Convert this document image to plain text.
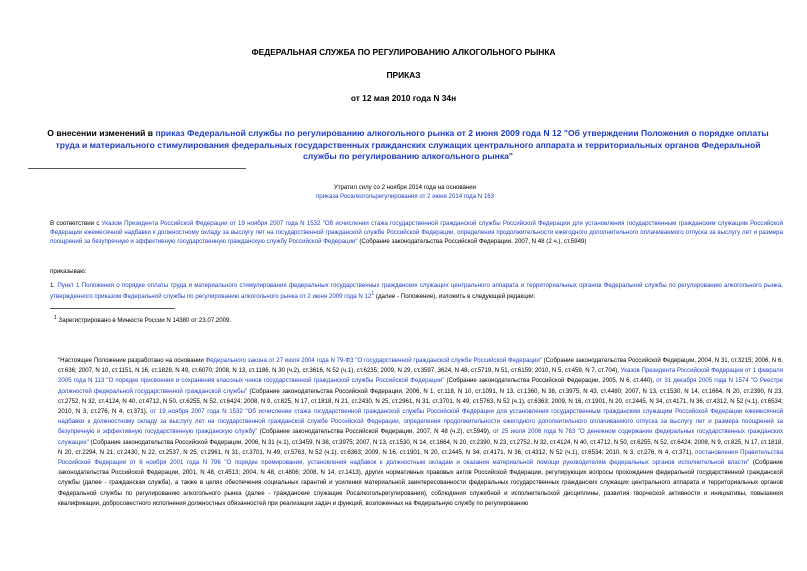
ФЕДЕРАЛЬНАЯ СЛУЖБА ПО РЕГУЛИРОВАНИЮ АЛКОГОЛЬНОГО РЫНКА
ПРИКАЗ
от 12 мая 2010 года N 34н
О внесении изменений в приказ Федеральной службы по регулированию алкогольного рынка от 2 июня 2009 года N 12 "Об утверждении Положения о порядке оплаты труда и материального стимулирования федеральных государственных гражданских служащих центрального аппарата и территориальных органов Федеральной службы по регулированию алкогольного рынка"
Утратил силу со 2 ноября 2014 года на основании
приказа Росалкогольрегулирования от 2 июня 2014 года N 163
В соответствии с Указом Президента Российской Федерации от 19 ноября 2007 года N 1532 "Об исчислении стажа государственной гражданской службы Российской Федерации для установления государственным гражданским служащим Российской Федерации ежемесячной надбавки к должностному окладу за выслугу лет на государственной гражданской службе Российской Федерации, определения продолжительности ежегодного дополнительного оплачиваемого отпуска за выслугу лет и размера поощрений за безупречную и эффективную государственную гражданскую службу Российской Федерации" (Собрание законодательства Российской Федерации, 2007, N 48 (2 ч.), ст.5949)
приказываю:
1. Пункт 1 Положения о порядке оплаты труда и материального стимулирования федеральных государственных гражданских служащих центрального аппарата и территориальных органов Федеральной службы по регулированию алкогольного рынка, утвержденного приказом Федеральной службы по регулированию алкогольного рынка от 2 июня 2009 года N $12^1$ (далее - Положение), изложить в следующей редакции:
$^1$ Зарегистрировано в Минюсте России N 14380 от 23.07.2009.
"Настоящее Положение разработано на основании Федерального закона от 27 июля 2004 года N 79-ФЗ "О государственной гражданской службе Российской Федерации" (Собрание законодательства Российской Федерации, 2004, N 31, ст.3215; 2006, N 6, ст.636; 2007, N 10, ст.1151, N 16, ст.1828, N 49, ст.6070; 2008, N 13, ст.1186, N 30 (ч.2), ст.3616, N 52 (ч.1), ст.6235; 2009, N 29, ст.3597, 3624, N 48, ст.5719, N 51, ст.6159; 2010, N 5, ст.459, N 7, ст.704), Указов Президента Российской Федерации от 1 февраля 2005 года N 113 "О порядке присвоения и сохранения классных чинов государственной гражданской службы Российской Федерации" (Собрание законодательства Российской Федерации, 2005, N 6, ст.440), от 31 декабря 2005 года N 1574 "О Реестре должностей федеральной государственной гражданской службы" (Собрание законодательства Российской Федерации, 2006, N 1, ст.118, N 10, ст.1091, N 13, ст.1360, N 38, ст.3975, N 43, ст.4480; 2007, N 13, ст.1530, N 14, ст.1664, N 20, ст.2390, N 23, ст.2752, N 32, ст.4124, N 40, ст.4712, N 50, ст.6255, N 52, ст.6424; 2008, N 9, ст.825, N 17, ст.1818, N 21, ст.2430, N 25, ст.2961, N 31, ст.3701, N 49, ст.5763, N 52 (ч.1), ст.6363; 2009, N 16, ст.1901, N 20, ст.2445, N 34, ст.4171, N 36, ст.4312, N 52 (ч.1), ст.6534; 2010, N 3, ст.276, N 4, ст.371), от 19 ноября 2007 года N 1532 "Об исчислении стажа государственной гражданской службы Российской Федерации для установления государственным гражданским служащим Российской Федерации ежемесячной надбавки к должностному окладу за выслугу лет на государственной гражданской службе Российской Федерации, определения продолжительности ежегодного дополнительного оплачиваемого отпуска за выслугу лет и размера поощрений за безупречную и эффективную государственную гражданскую службу" (Собрание законодательства Российской Федерации, 2007, N 48 (ч.2), ст.5949), от 25 июля 2006 года N 763 "О денежном содержании федеральных государственных гражданских служащих" (Собрание законодательства Российской Федерации, 2006, N 31 (ч.1), ст.3459, N 38, ст.3975; 2007, N 13, ст.1530, N 14, ст.1664, N 20, ст.2390, N 23, ст.2752, N 32, ст.4124, N 40, ст.4712, N 50, ст.6255, N 52, ст.6424; 2008, N 9, ст.825, N 17, ст.1818, N 20, ст.2294, N 21, ст.2430, N 22, ст.2537, N 25, ст.2961, N 31, ст.3701, N 49, ст.5763, N 52 (ч.1), ст.6363; 2009, N 16, ст.1901, N 20, ст.2445, N 34, ст.4171, N 36, ст.4312, N 52 (ч.1), ст.6534; 2010, N 3, ст.276, N 4, ст.371), постановления Правительства Российской Федерации от 6 ноября 2001 года N 796 "О порядке премирования, установления надбавок к должностным окладам и оказания материальной помощи руководителям федеральных органов исполнительной власти" (Собрание законодательства Российской Федерации, 2001, N 48, ст.4513; 2004, N 48, ст.4806; 2008, N 14, ст.1413), других нормативных правовых актов Российской Федерации, регулирующих вопросы прохождения федеральной государственной гражданской службы (далее - гражданская служба), а также в целях обеспечения социальных гарантий и усиления материальной заинтересованности федеральных государственных гражданских служащих центрального аппарата и территориальных органов Федеральной службы по регулированию алкогольного рынка (далее - гражданские служащие Росалкогольрегулирования), соблюдения служебной и исполнительской дисциплины, развития творческой активности и инициативы, повышения квалификации, добросовестного исполнения должностных обязанностей при реализации задач и функций, возложенных на Федеральную службу по регулированию
